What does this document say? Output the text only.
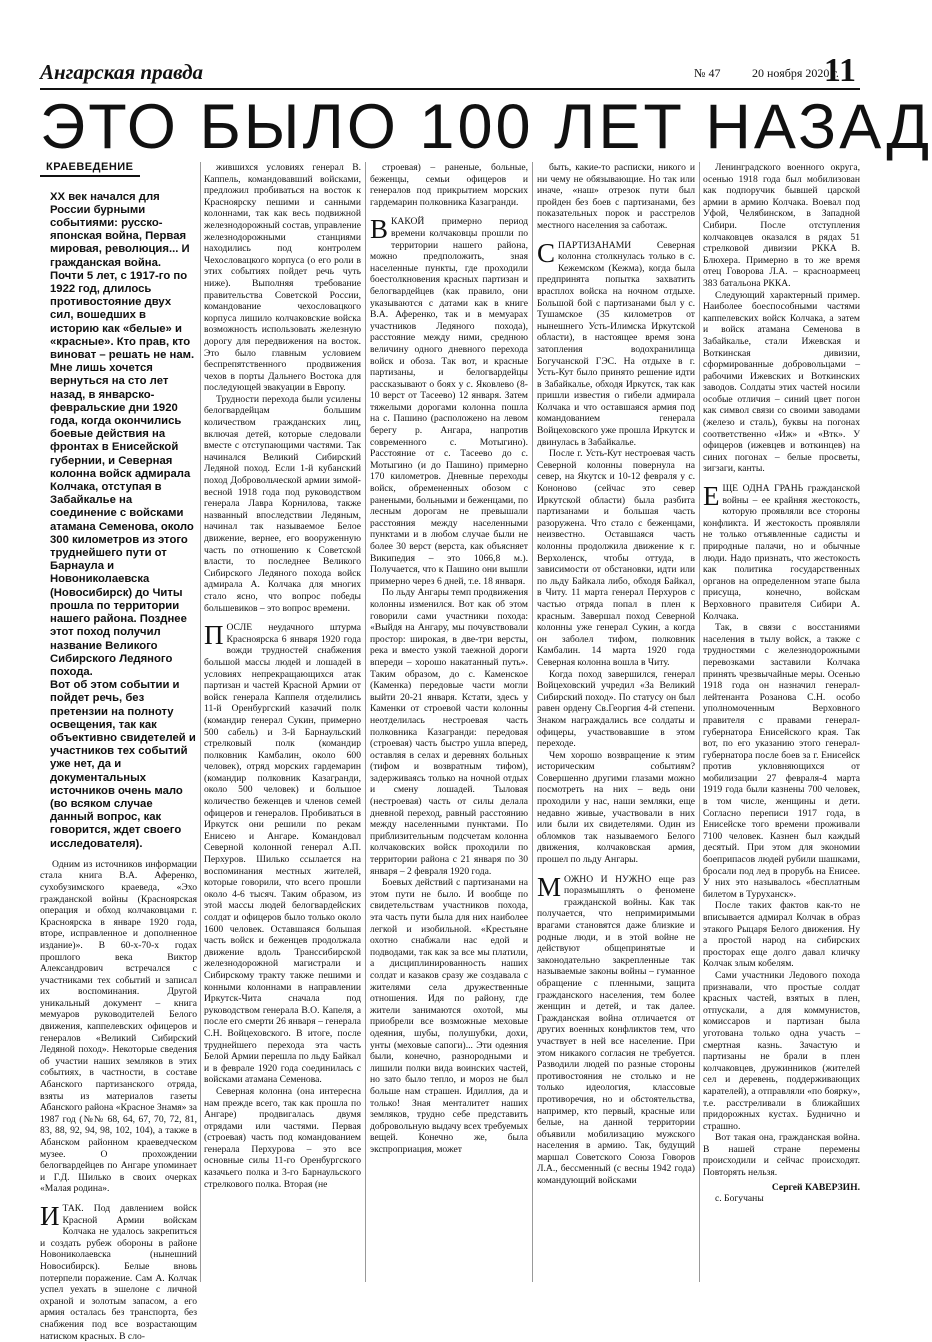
Ангарская правда	№ 47	20 ноября 2020 г.
11
ЭТО БЫЛО 100 ЛЕТ НАЗАД
КРАЕВЕДЕНИЕ

XX век начался для России бурными событиями: русско-японская война, Первая мировая, революция... И гражданская война. Почти 5 лет, с 1917-го по 1922 год, длилось противостояние двух сил, вошедших в историю как «белые» и «красные». Кто прав, кто виноват – решать не нам. Мне лишь хочется вернуться на сто лет назад, в январско-февральские дни 1920 года, когда окончились боевые действия на фронтах в Енисейской губернии, и Северная колонна войск адмирала Колчака, отступая в Забайкалье на соединение с войсками атамана Семенова, около 300 километров из этого труднейшего пути от Барнаула и Новониколаевска (Новосибирск) до Читы прошла по территории нашего района. Позднее этот поход получил название Великого Сибирского Ледяного похода.

Вот об этом событии и пойдет речь, без претензии на полноту освещения, так как объективно свидетелей и участников тех событий уже нет, да и документальных источников очень мало (во всяком случае данный вопрос, как говорится, ждет своего исследователя).

Одним из источников информации стала книга В.А. Аференко, сухобузимского краеведа, «Эхо гражданской войны (Красноярская операция и обход колчаковцами г. Красноярска в январе 1920 года, вторе, исправленное и дополненное издание)». В 60-х-70-х годах прошлого века Виктор Александрович встречался с участниками тех событий и записал их воспоминания. Другой уникальный документ – книга мемуаров руководителей Белого движения, каппелевских офицеров и генералов «Великий Сибирский Ледяной поход». Некоторые сведения об участии наших земляков в этих событиях, в частности, в составе Абанского партизанского отряда, взяты из материалов газеты Абанского района «Красное Знамя» за 1987 год (№№ 68, 64, 67, 70, 72, 81, 83, 88, 92, 94, 98, 102, 104), а также в Абанском районном краеведческом музее. О прохождении белогвардейцев по Ангаре упоминает и Г.Д. Шилько в своих очерках «Малая родина».

И ТАК. Под давлением войск Красной Армии войскам Колчака не удалось закрепиться и создать рубеж обороны в районе Новониколаевска (нынешний Новосибирск). Белые вновь потерпели поражение. Сам А. Колчак успел уехать в эшелоне с личной охраной и золотым запасом, а его армия осталась без транспорта, без снабжения под все возрастающим натиском красных. В сло-

жившихся условиях генерал В. Каппель, командовавший войсками, предложил пробиваться на восток к Красноярску пешими и санными колоннами, так как весь подвижной железнодорожный состав, управление железнодорожными станциями находились под контролем Чехословацкого корпуса (о его роли в этих событиях пойдет речь чуть ниже). Выполняя требование правительства Советской России, командование чехословацкого корпуса лишило колчаковские войска возможность использовать железную дорогу для передвижения на восток. Это было главным условием беспрепятственного продвижения чехов в порты Дальнего Востока для последующей эвакуации в Европу.

Трудности перехода были усилены белогвардейцам большим количеством гражданских лиц, включая детей, которые следовали вместе с отступающими частями. Так начинался Великий Сибирский Ледяной поход. Если 1-й кубанский поход Добровольческой армии зимой-весной 1918 года под руководством генерала Лавра Корнилова, также названный впоследствии Ледяным, начинал так называемое Белое движение, вернее, его вооруженную часть по отношению к Советской власти, то последнее Великого Сибирского Ледяного похода войск адмирала А. Колчака для многих стало ясно, что вопрос победы большевиков – это вопрос времени.

П ОСЛЕ неудачного штурма Красноярска 6 января 1920 года вожди трудностей снабжения большой массы людей и лошадей в условиях непрекращающихся атак партизан и частей Красной Армии от войск генерала Каппеля отделились 11-й Оренбургский казачий полк (командир генерал Сукин, примерно 500 сабель) и 3-й Барнаульский стрелковый полк (командир полковник Камбалин, около 600 человек), отряд морских гардемарин (командир полковник Казагранди, около 500 человек) и большое количество беженцев и членов семей офицеров и генералов. Пробиваться в Иркутск они решили по рекам Енисею и Ангаре. Командовал Северной колонной генерал А.П. Перхуров. Шилько ссылается на воспоминания местных жителей, которые говорили, что всего прошли около 4-6 тысяч. Таким образом, из этой массы людей белогвардейских солдат и офицеров было только около 1600 человек. Оставшаяся большая часть войск и беженцев продолжала движение вдоль Транссибирской железнодорожной магистрали и Сибирскому тракту также пешими и конными колоннами в направлении Иркутск-Чита сначала под руководством генерала В.О. Капеля, а после его смерти 26 января – генерала С.Н. Войцеховского. В итоге, после труднейшего перехода эта часть Белой Армии перешла по льду Байкал и в феврале 1920 года соединилась с войсками атамана Семенова.

Северная колонна (она интересна нам прежде всего, так как прошла по Ангаре) продвигалась двумя отрядами или частями. Первая (строевая) часть под командованием генерала Перхурова – это все основные силы 11-го Оренбургского казачьего полка и 3-го Барнаульского стрелкового полка. Вторая (не

строевая) – раненые, больные, беженцы, семьи офицеров и генералов под прикрытием морских гардемарин полковника Казагранди.

В КАКОЙ примерно период времени колчаковцы прошли по территории нашего района, можно предположить, зная населенные пункты, где проходили боестолкновения красных партизан и белогвардейцев (как правило, они указываются с датами как в книге В.А. Аференко, так и в мемуарах участников Ледяного похода), расстояние между ними, среднюю величину одного дневного перехода войск и обоза. Так вот, и красные партизаны, и белогвардейцы рассказывают о боях у с. Яковлево (8-10 верст от Тасеево) 12 января. Затем тяжелыми дорогами колонна пошла на с. Пашино (расположено на левом берегу р. Ангара, напротив современного с. Мотыгино). Расстояние от с. Тасеево до с. Мотыгино (и до Пашино) примерно 170 километров. Дневные переходы войск, обремененных обозом с ранеными, больными и беженцами, по лесным дорогам не превышали расстояния между населенными пунктами и в любом случае были не более 30 верст (верста, как объясняет Википедия – это 1066,8 м.). Получается, что к Пашино они вышли примерно через 6 дней, т.е. 18 января.

По льду Ангары темп продвижения колонны изменился. Вот как об этом говорили сами участники похода: «Выйдя на Ангару, мы почувствовали простор: широкая, в две-три версты, река и вместо узкой таежной дороги впереди – хорошо накатанный путь». Таким образом, до с. Каменское (Каменка) передовые части могли выйти 20-21 января. Кстати, здесь у Каменки от строевой части колонны неотделилась нестроевая часть полковника Казагранди: передовая (строевая) часть быстро ушла вперед, оставляя в селах и деревнях больных (тифом и возвратным тифом), задерживаясь только на ночной отдых и смену лошадей. Тыловая (нестроевая) часть от силы делала дневной переход, равный расстоянию между населенными пунктами. По приблизительным подсчетам колонна колчаковских войск проходили по территории района с 21 января по 30 января – 2 февраля 1920 года.

Боевых действий с партизанами на этом пути не было. И вообще по свидетельствам участников похода, эта часть пути была для них наиболее легкой и изобильной. «Крестьяне охотно снабжали нас едой и подводами, так как за все мы платили, а дисциплинированность наших солдат и казаков сразу же создавала с жителями села дружественные отношения. Идя по району, где жители занимаются охотой, мы приобрели все возможные меховые одеяния, шубы, полушубки, дохи, унты (меховые сапоги)... Эти одеяния были, конечно, разнородными и лишили полки вида воинских частей, но зато было тепло, и мороз не был больше нам страшен. Идиллия, да и только! Зная менталитет наших земляков, трудно себе представить добровольную выдачу всех требуемых вещей. Конечно же, была экспроприация, может

быть, какие-то расписки, никого и ни чему не обязывающие. Но так или иначе, «наш» отрезок пути был пройден без боев с партизанами, без показательных порок и расстрелов местного населения за саботаж.

С ПАРТИЗАНАМИ Северная колонна столкнулась только в с. Кежемском (Кежма), когда была предпринята попытка захватить врасплох войска на ночном отдыхе. Большой бой с партизанами был у с. Тушамское (35 километров от нынешнего Усть-Илимска Иркутской области), в настоящее время зона затопления водохранилища Богучанской ГЭС. На отдыхе в г. Усть-Кут было принято решение идти в Забайкалье, обходя Иркутск, так как пришли известия о гибели адмирала Колчака и что оставшаяся армия под командованием генерала Войцеховского уже прошла Иркутск и двинулась в Забайкалье.

После г. Усть-Кут нестроевая часть Северной колонны повернула на север, на Якутск и 10-12 февраля у с. Кононово (сейчас это север Иркутской области) была разбита партизанами и большая часть разоружена. Что стало с беженцами, неизвестно. Оставшаяся часть колонны продолжила движение к г. Верхоленск, чтобы оттуда, в зависимости от обстановки, идти или по льду Байкала либо, обходя Байкал, в Читу. 11 марта генерал Перхуров с частью отряда попал в плен к красным. Завершал поход Северной колонны уже генерал Сукин, а когда он заболел тифом, полковник Камбалин. 14 марта 1920 года Северная колонна вошла в Читу.

Когда поход завершился, генерал Войцеховский учредил «За Великий Сибирский поход». По статусу он был равен ордену Св.Георгия 4-й степени. Знаком награждались все солдаты и офицеры, участвовавшие в этом переходе.

Чем хорошо возвращение к этим историческим событиям? Совершенно другими глазами можно посмотреть на них – ведь они проходили у нас, наши земляки, еще недавно живые, участвовали в них или были их свидетелями. Один из обломков так называемого Белого движения, колчаковская армия, прошел по льду Ангары.

М ОЖНО И НУЖНО еще раз поразмышлять о феномене гражданской войны. Как так получается, что непримиримыми врагами становятся даже близкие и родные люди, и в этой войне не действуют общепринятые и законодательно закрепленные так называемые законы войны – гуманное обращение с пленными, защита гражданского населения, тем более женщин и детей, и так далее. Гражданская война отличается от других военных конфликтов тем, что участвует в ней все население. При этом никакого согласия не требуется. Разводили людей по разные стороны противостояния не столько и не только идеология, классовые противоречия, но и обстоятельства, например, кто первый, красные или белые, на данной территории объявили мобилизацию мужского населения в армию. Так, будущий маршал Советского Союза Говоров Л.А., бессменный (с весны 1942 года) командующий войсками

Ленинградского военного округа, осенью 1918 года был мобилизован как подпоручик бывшей царской армии в армию Колчака. Воевал под Уфой, Челябинском, в Западной Сибири. После отступления колчаковцев оказался в рядах 51 стрелковой дивизии РККА В. Блюхера. Примерно в то же время отец Говорова Л.А. – красноармеец 383 батальона РККА.

Следующий характерный пример. Наиболее боеспособными частями каппелевских войск Колчака, а затем и войск атамана Семенова в Забайкалье, стали Ижевская и Воткинская дивизии, сформированные добровольцами – рабочими Ижевских и Воткинских заводов. Солдаты этих частей носили особые отличия – синий цвет погон как символ связи со своими заводами (железо и сталь), буквы на погонах соответственно «Иж» и «Втк». У офицеров (ижевцев и воткинцев) на синих погонах – белые просветы, зигзаги, канты.

Е ЩЕ ОДНА ГРАНЬ гражданской войны – ее крайняя жестокость, которую проявляли все стороны конфликта. И жестокость проявляли не только отъявленные садисты и природные палачи, но и обычные люди. Надо признать, что жестокость как политика государственных органов на определенном этапе была присуща, конечно, войскам Верховного правителя Сибири А. Колчака.

Так, в связи с восстаниями населения в тылу войск, а также с трудностями с железнодорожными перевозками заставили Колчака принять чрезвычайные меры. Осенью 1918 года он назначил генерал-лейтенанта Розанова С.Н. особо уполномоченным Верховного правителя с правами генерал-губернатора Енисейского края. Так вот, по его указанию этого генерал-губернатора после боев за г. Енисейск против укловняющихся от мобилизации 27 февраля-4 марта 1919 года были казнены 700 человек, в том числе, женщины и дети. Согласно переписи 1917 года, в Енисейске того времени проживали 7100 человек. Казнен был каждый десятый. При этом для экономии боеприпасов людей рубили шашками, бросали под лед в прорубь на Енисее. У них это называлось «бесплатным билетом в Туруханск».

После таких фактов как-то не вписывается адмирал Колчак в образ этакого Рыцаря Белого движения. Ну а простой народ на сибирских просторах еще долго давал кличку Колчак злым кобелям.

Сами участники Ледового похода признавали, что простые солдат красных частей, взятых в плен, отпускали, а для коммунистов, комиссаров и партизан была уготована только одна участь – смертная казнь. Зачастую и партизаны не брали в плен колчаковцев, дружинников (жителей сел и деревень, поддерживающих карателей), а отправляли «по боярку», т.е. расстреливали в ближайших придорожных кустах. Буднично и страшно.

Вот такая она, гражданская война. В нашей стране перемены происходили и сейчас происходят. Повторять нельзя.

Сергей КАВЕРЗИН.

с. Богучаны
